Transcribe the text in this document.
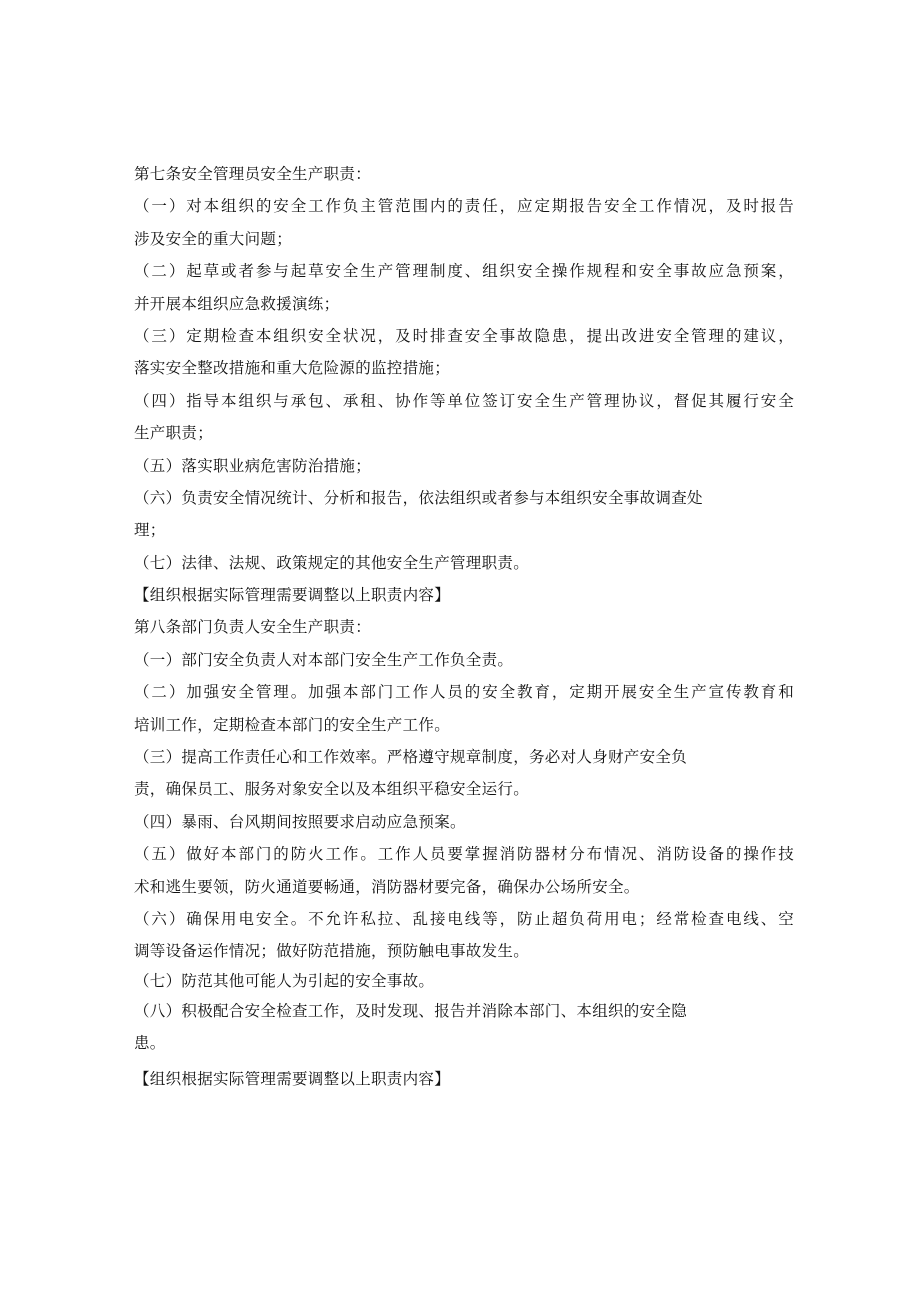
第七条安全管理员安全生产职责：
（一）对本组织的安全工作负主管范围内的责任，应定期报告安全工作情况，及时报告
涉及安全的重大问题；
（二）起草或者参与起草安全生产管理制度、组织安全操作规程和安全事故应急预案，
并开展本组织应急救援演练；
（三）定期检查本组织安全状况，及时排查安全事故隐患，提出改进安全管理的建议，
落实安全整改措施和重大危险源的监控措施；
（四）指导本组织与承包、承租、协作等单位签订安全生产管理协议，督促其履行安全
生产职责；
（五）落实职业病危害防治措施；
（六）负责安全情况统计、分析和报告，依法组织或者参与本组织安全事故调查处
理；
（七）法律、法规、政策规定的其他安全生产管理职责。
【组织根据实际管理需要调整以上职责内容】
第八条部门负责人安全生产职责：
（一）部门安全负责人对本部门安全生产工作负全责。
（二）加强安全管理。加强本部门工作人员的安全教育，定期开展安全生产宣传教育和
培训工作，定期检查本部门的安全生产工作。
（三）提高工作责任心和工作效率。严格遵守规章制度，务必对人身财产安全负
责，确保员工、服务对象安全以及本组织平稳安全运行。
（四）暴雨、台风期间按照要求启动应急预案。
（五）做好本部门的防火工作。工作人员要掌握消防器材分布情况、消防设备的操作技
术和逃生要领，防火通道要畅通，消防器材要完备，确保办公场所安全。
（六）确保用电安全。不允许私拉、乱接电线等，防止超负荷用电；经常检查电线、空
调等设备运作情况；做好防范措施，预防触电事故发生。
（七）防范其他可能人为引起的安全事故。
（八）积极配合安全检查工作，及时发现、报告并消除本部门、本组织的安全隐
患。
【组织根据实际管理需要调整以上职责内容】
